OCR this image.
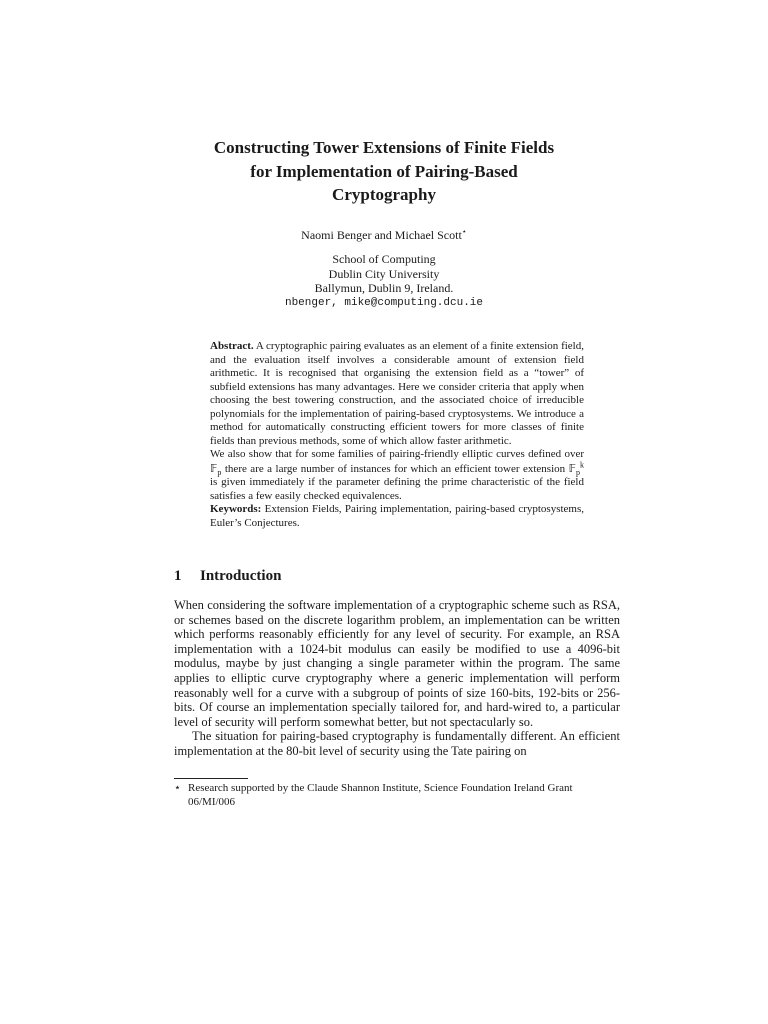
Constructing Tower Extensions of Finite Fields
for Implementation of Pairing-Based
Cryptography
Naomi Benger and Michael Scott⋆
School of Computing
Dublin City University
Ballymun, Dublin 9, Ireland.
nbenger, mike@computing.dcu.ie

Abstract. A cryptographic pairing evaluates as an element of a finite extension field, and the evaluation itself involves a considerable amount of extension field arithmetic. It is recognised that organising the extension field as a “tower” of subfield extensions has many advantages. Here we consider criteria that apply when choosing the best towering construction, and the associated choice of irreducible polynomials for the implementation of pairing-based cryptosystems. We introduce a method for automatically constructing efficient towers for more classes of finite fields than previous methods, some of which allow faster arithmetic.

We also show that for some families of pairing-friendly elliptic curves defined over 𝔽$_p$ there are a large number of instances for which an efficient tower extension 𝔽$_p^k$ is given immediately if the parameter defining the prime characteristic of the field satisfies a few easily checked equivalences.

Keywords: Extension Fields, Pairing implementation, pairing-based cryptosystems, Euler’s Conjectures.

1 Introduction

When considering the software implementation of a cryptographic scheme such as RSA, or schemes based on the discrete logarithm problem, an implementation can be written which performs reasonably efficiently for any level of security. For example, an RSA implementation with a 1024-bit modulus can easily be modified to use a 4096-bit modulus, maybe by just changing a single parameter within the program. The same applies to elliptic curve cryptography where a generic implementation will perform reasonably well for a curve with a subgroup of points of size 160-bits, 192-bits or 256-bits. Of course an implementation specially tailored for, and hard-wired to, a particular level of security will perform somewhat better, but not spectacularly so.

The situation for pairing-based cryptography is fundamentally different. An efficient implementation at the 80-bit level of security using the Tate pairing on

⋆ Research supported by the Claude Shannon Institute, Science Foundation Ireland Grant 06/MI/006
